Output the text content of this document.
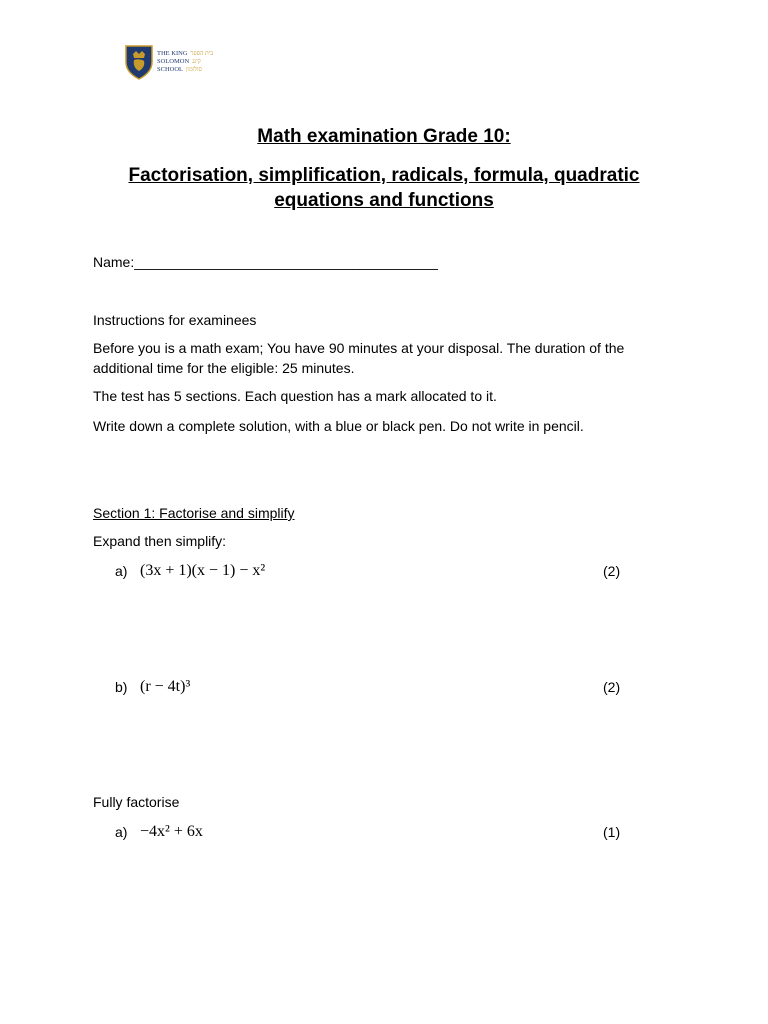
THE KING בית הספר
SOLOMON קינג
SCHOOL סולומון
Math examination Grade 10:
Factorisation, simplification, radicals, formula, quadratic equations and functions
Name:_______________________________________
Instructions for examinees
Before you is a math exam; You have 90 minutes at your disposal. The duration of the additional time for the eligible: 25 minutes.
The test has 5 sections. Each question has a mark allocated to it.
Write down a complete solution, with a blue or black pen. Do not write in pencil.
Section 1: Factorise and simplify
Expand then simplify:
a) (3x + 1)(x − 1) − x²	(2)
b) (r − 4t)³	(2)
Fully factorise
a) −4x² + 6x	(1)
